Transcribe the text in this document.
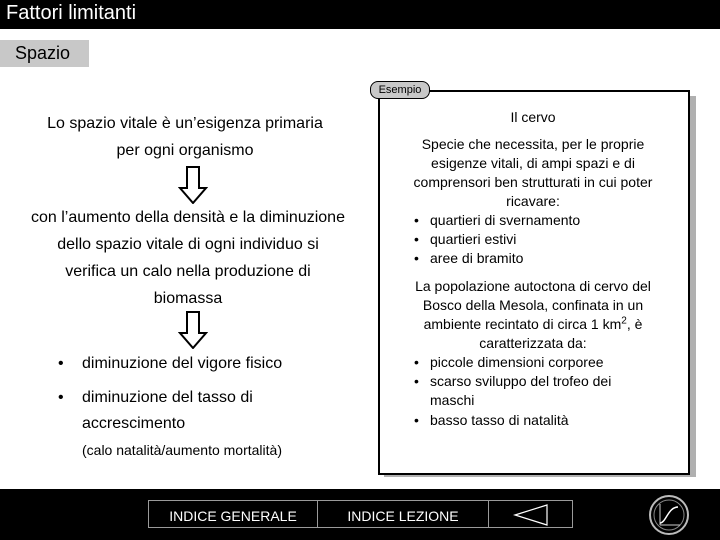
Fattori limitanti
Spazio
Lo spazio vitale è un’esigenza primaria per ogni organismo
con l’aumento della densità e la diminuzione dello spazio vitale di ogni individuo si verifica un calo nella produzione di biomassa
• diminuzione del vigore fisico
• diminuzione del tasso di accrescimento
(calo natalità/aumento mortalità)
Esempio
Il cervo
Specie che necessita, per le proprie esigenze vitali, di ampi spazi e di comprensori ben strutturati in cui poter ricavare:
• quartieri di svernamento
• quartieri estivi
• aree di bramito
La popolazione autoctona di cervo del Bosco della Mesola, confinata in un ambiente recintato di circa 1 $km^2$, è caratterizzata da:
• piccole dimensioni corporee
• scarso sviluppo del trofeo dei maschi
• basso tasso di natalità
INDICE GENERALE	INDICE LEZIONE
